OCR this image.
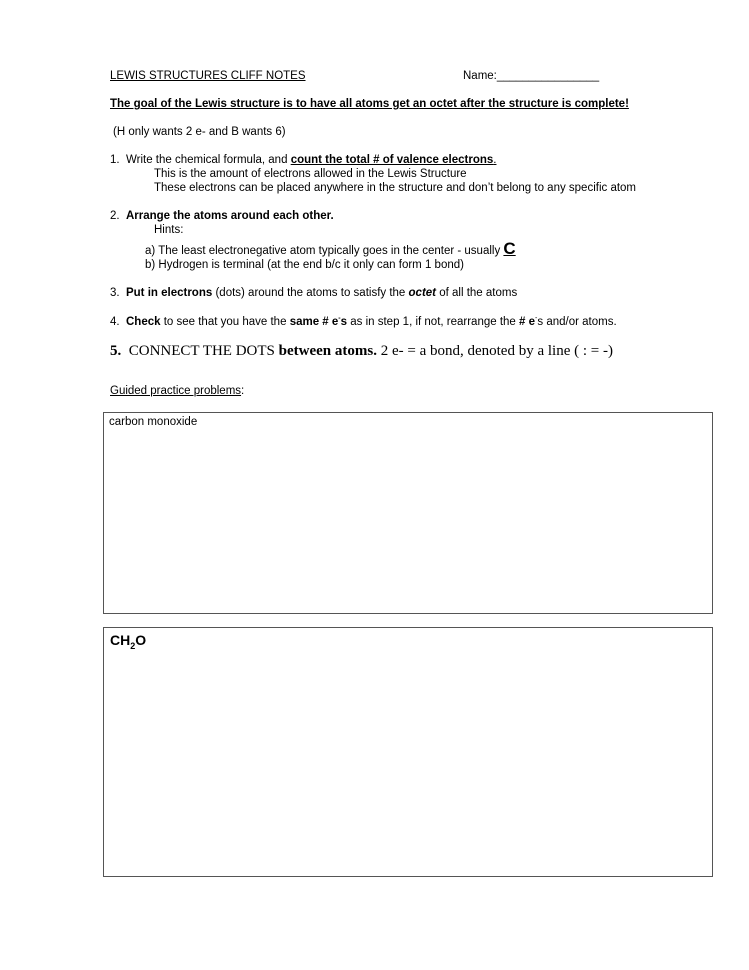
LEWIS STRUCTURES CLIFF NOTES	Name:________________
The goal of the Lewis structure is to have all atoms get an octet after the structure is complete!
(H only wants 2 e- and B wants 6)
1. Write the chemical formula, and count the total # of valence electrons.
This is the amount of electrons allowed in the Lewis Structure
These electrons can be placed anywhere in the structure and don’t belong to any specific atom
2. Arrange the atoms around each other.
Hints:
a) The least electronegative atom typically goes in the center - usually C
b) Hydrogen is terminal (at the end b/c it only can form 1 bond)
3. Put in electrons (dots) around the atoms to satisfy the octet of all the atoms
4. Check to see that you have the same # e-s as in step 1, if not, rearrange the # e-s and/or atoms.
5. CONNECT THE DOTS between atoms. 2 e- = a bond, denoted by a line ( : = -)
Guided practice problems:
carbon monoxide
$CH_2O$
